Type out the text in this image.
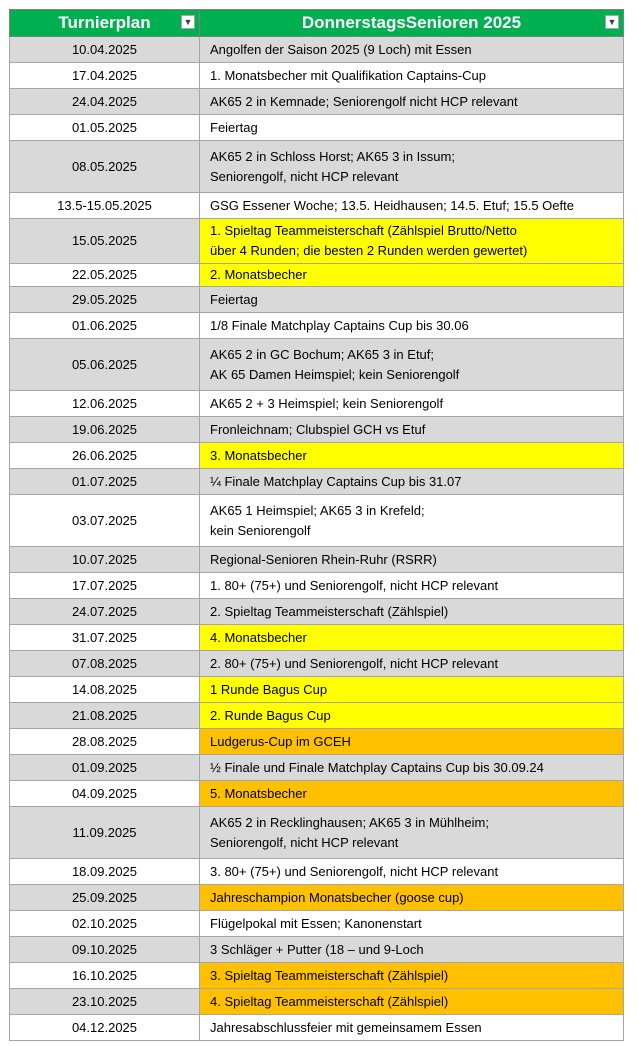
Turnierplan ▼	DonnerstagsSenioren 2025 ▼

10.04.2025	Angolfen der Saison 2025 (9 Loch) mit Essen

17.04.2025	1. Monatsbecher mit Qualifikation Captains-Cup

24.04.2025	AK65 2 in Kemnade; Seniorengolf nicht HCP relevant

01.05.2025	Feiertag

08.05.2025	AK65 2 in Schloss Horst; AK65 3 in Issum;
Seniorengolf, nicht HCP relevant

13.5-15.05.2025	GSG Essener Woche; 13.5. Heidhausen; 14.5. Etuf; 15.5 Oefte

15.05.2025	1. Spieltag Teammeisterschaft (Zählspiel Brutto/Netto
über 4 Runden; die besten 2 Runden werden gewertet)

22.05.2025	2. Monatsbecher

29.05.2025	Feiertag

01.06.2025	1/8 Finale Matchplay Captains Cup bis 30.06

05.06.2025	AK65 2 in GC Bochum; AK65 3 in Etuf;
AK 65 Damen Heimspiel; kein Seniorengolf

12.06.2025	AK65 2 + 3 Heimspiel; kein Seniorengolf

19.06.2025	Fronleichnam; Clubspiel GCH vs Etuf

26.06.2025	3. Monatsbecher

01.07.2025	¼ Finale Matchplay Captains Cup bis 31.07

03.07.2025	AK65 1 Heimspiel; AK65 3 in Krefeld;
kein Seniorengolf

10.07.2025	Regional-Senioren Rhein-Ruhr (RSRR)

17.07.2025	1. 80+ (75+) und Seniorengolf, nicht HCP relevant

24.07.2025	2. Spieltag Teammeisterschaft (Zählspiel)

31.07.2025	4. Monatsbecher

07.08.2025	2. 80+ (75+) und Seniorengolf, nicht HCP relevant

14.08.2025	1 Runde Bagus Cup

21.08.2025	2. Runde Bagus Cup

28.08.2025	Ludgerus-Cup im GCEH

01.09.2025	½ Finale und Finale Matchplay Captains Cup bis 30.09.24

04.09.2025	5. Monatsbecher

11.09.2025	AK65 2 in Recklinghausen; AK65 3 in Mühlheim;
Seniorengolf, nicht HCP relevant

18.09.2025	3. 80+ (75+) und Seniorengolf, nicht HCP relevant

25.09.2025	Jahreschampion Monatsbecher (goose cup)

02.10.2025	Flügelpokal mit Essen; Kanonenstart

09.10.2025	3 Schläger + Putter (18 – und 9-Loch

16.10.2025	3. Spieltag Teammeisterschaft (Zählspiel)

23.10.2025	4. Spieltag Teammeisterschaft (Zählspiel)

04.12.2025	Jahresabschlussfeier mit gemeinsamem Essen
